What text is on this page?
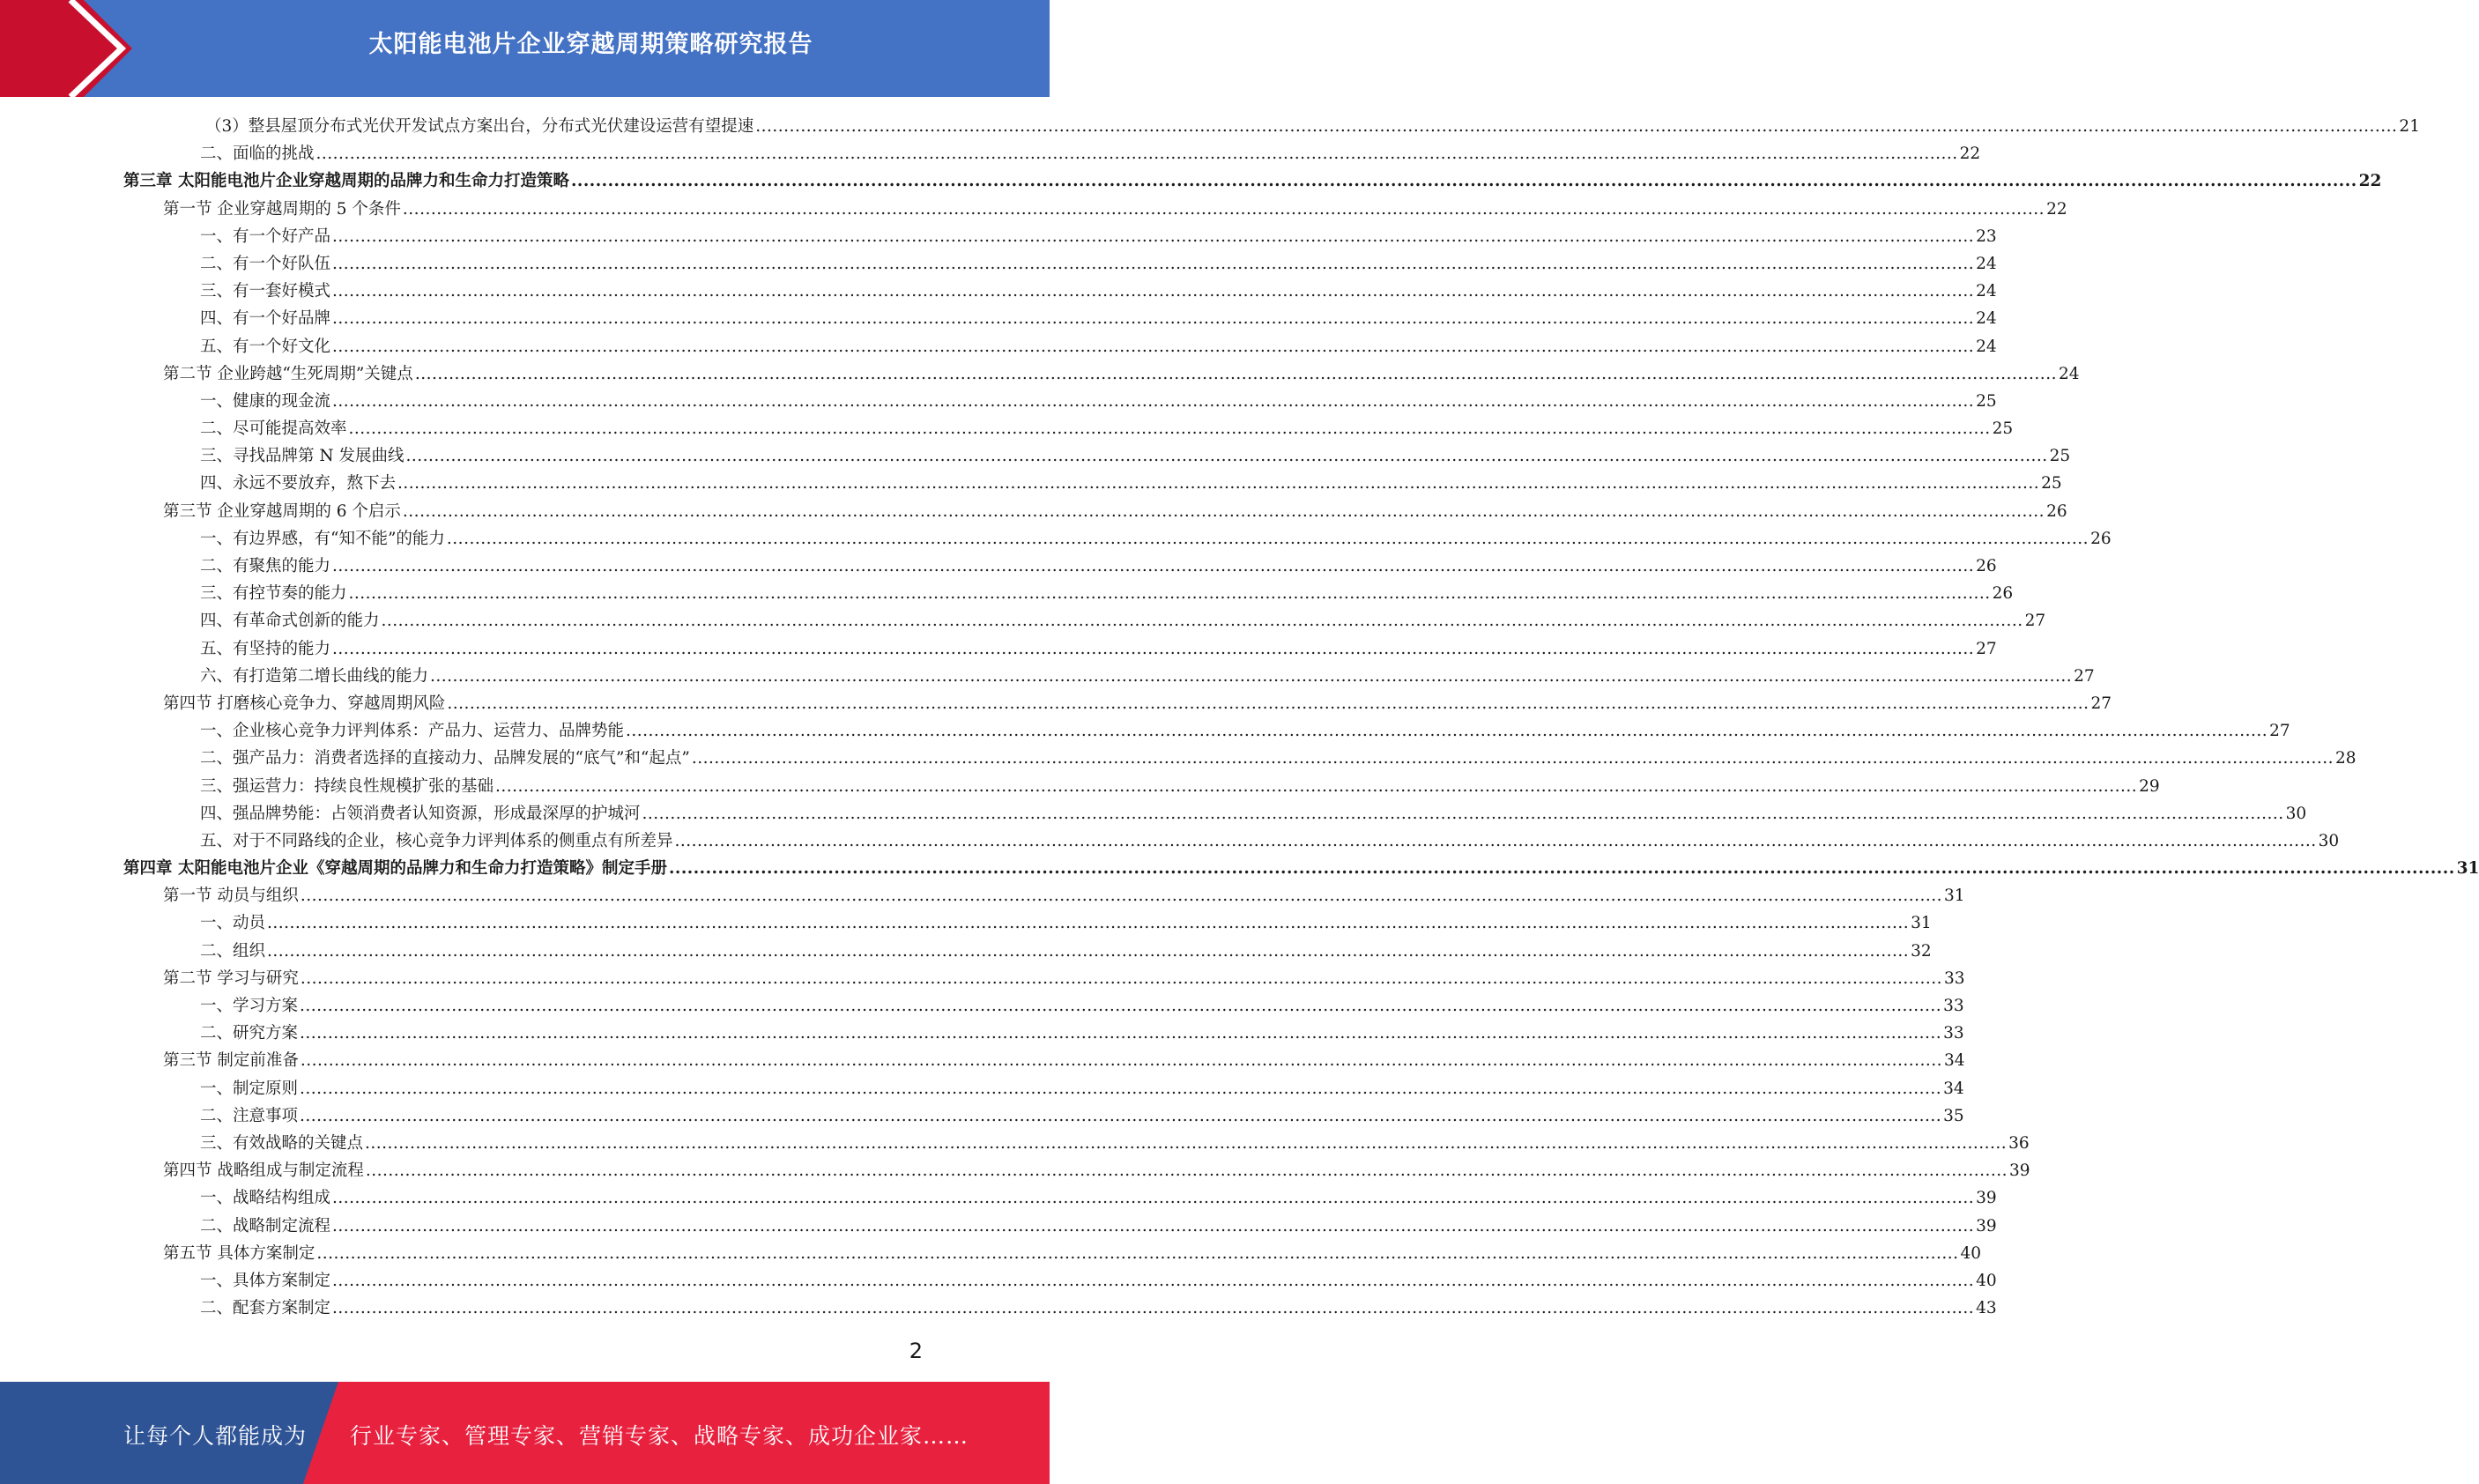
太阳能电池片企业穿越周期策略研究报告
（3）整县屋顶分布式光伏开发试点方案出台，分布式光伏建设运营有望提速 .....	21
二、面临的挑战 .....	22
第三章 太阳能电池片企业穿越周期的品牌力和生命力打造策略 .....	22
第一节 企业穿越周期的 5 个条件 .....	22
一、有一个好产品 .....	23
二、有一个好队伍 .....	24
三、有一套好模式 .....	24
四、有一个好品牌 .....	24
五、有一个好文化 .....	24
第二节 企业跨越“生死周期”关键点 .....	24
一、健康的现金流 .....	25
二、尽可能提高效率 .....	25
三、寻找品牌第 N 发展曲线 .....	25
四、永远不要放弃，熬下去 .....	25
第三节 企业穿越周期的 6 个启示 .....	26
一、有边界感，有“知不能”的能力 .....	26
二、有聚焦的能力 .....	26
三、有控节奏的能力 .....	26
四、有革命式创新的能力 .....	27
五、有坚持的能力 .....	27
六、有打造第二增长曲线的能力 .....	27
第四节 打磨核心竞争力、穿越周期风险 .....	27
一、企业核心竞争力评判体系：产品力、运营力、品牌势能 .....	27
二、强产品力：消费者选择的直接动力、品牌发展的“底气”和“起点” .....	28
三、强运营力：持续良性规模扩张的基础 .....	29
四、强品牌势能：占领消费者认知资源，形成最深厚的护城河 .....	30
五、对于不同路线的企业，核心竞争力评判体系的侧重点有所差异 .....	30
第四章 太阳能电池片企业《穿越周期的品牌力和生命力打造策略》制定手册 .....	31
第一节 动员与组织 .....	31
一、动员 .....	31
二、组织 .....	32
第二节 学习与研究 .....	33
一、学习方案 .....	33
二、研究方案 .....	33
第三节 制定前准备 .....	34
一、制定原则 .....	34
二、注意事项 .....	35
三、有效战略的关键点 .....	36
第四节 战略组成与制定流程 .....	39
一、战略结构组成 .....	39
二、战略制定流程 .....	39
第五节 具体方案制定 .....	40
一、具体方案制定 .....	40
二、配套方案制定 .....	43
2
让每个人都能成为 行业专家、管理专家、营销专家、战略专家、成功企业家……
